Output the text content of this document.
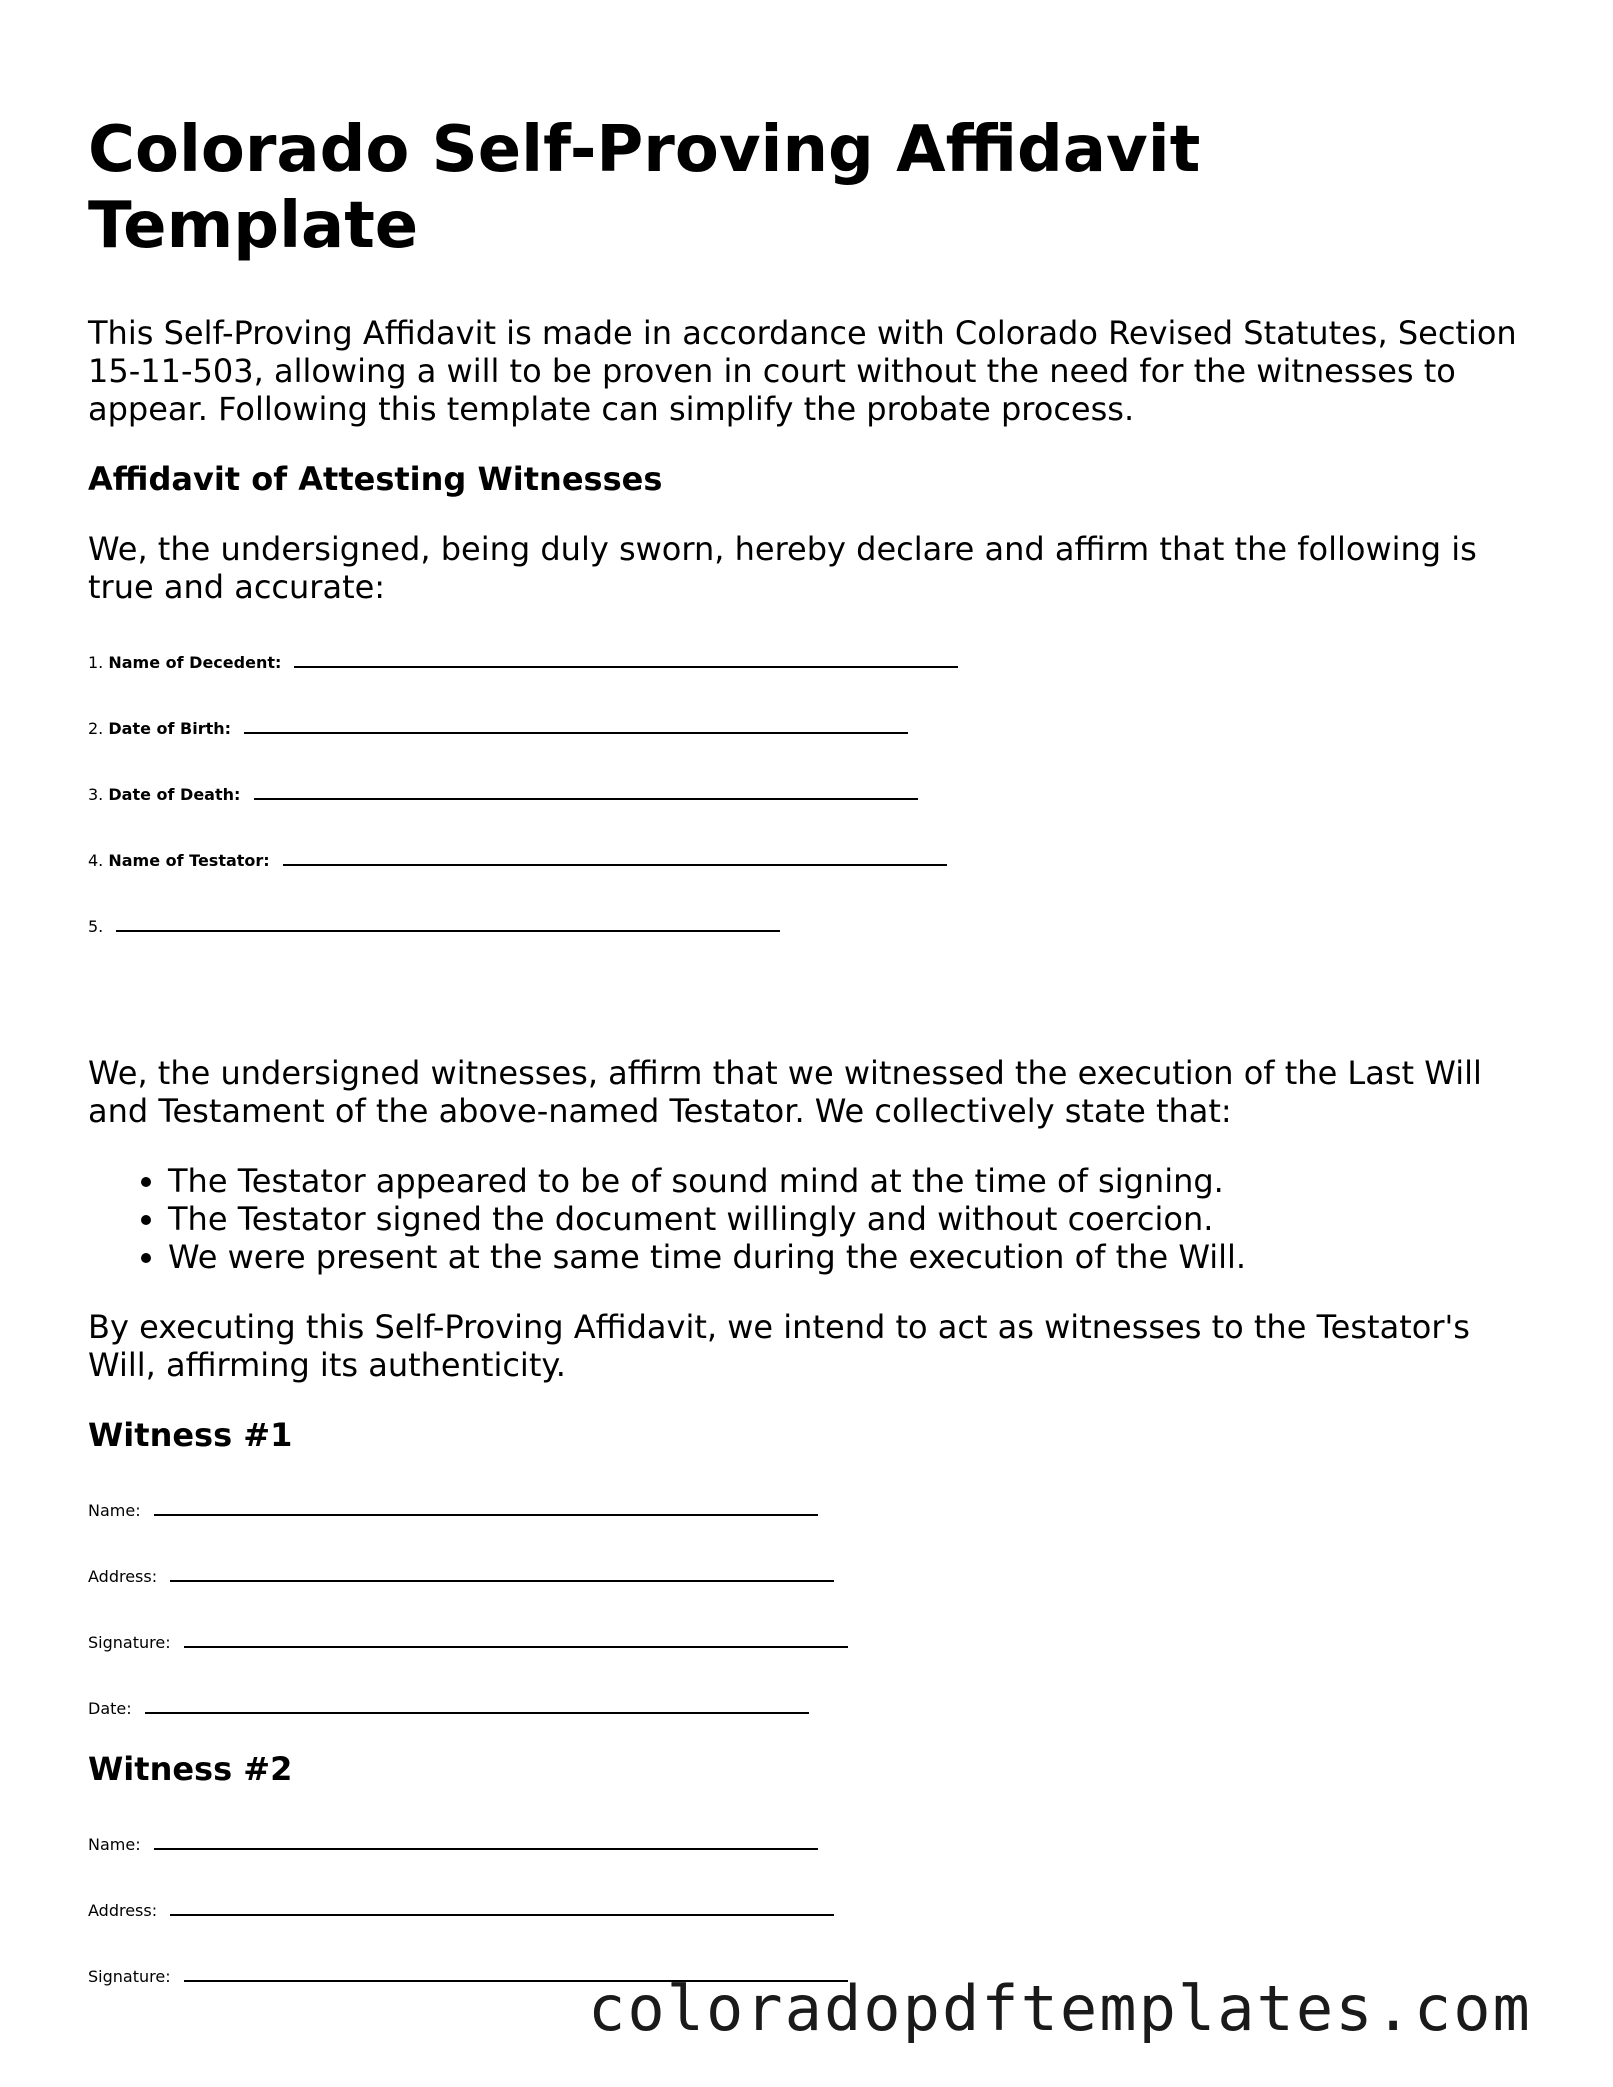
Colorado Self-Proving Affidavit Template

This Self-Proving Affidavit is made in accordance with Colorado Revised Statutes, Section 15-11-503, allowing a will to be proven in court without the need for the witnesses to appear. Following this template can simplify the probate process.

Affidavit of Attesting Witnesses

We, the undersigned, being duly sworn, hereby declare and affirm that the following is true and accurate:

1. Name of Decedent:
2. Date of Birth:
3. Date of Death:
4. Name of Testator:
5.

We, the undersigned witnesses, affirm that we witnessed the execution of the Last Will and Testament of the above-named Testator. We collectively state that:

• The Testator appeared to be of sound mind at the time of signing.
• The Testator signed the document willingly and without coercion.
• We were present at the same time during the execution of the Will.

By executing this Self-Proving Affidavit, we intend to act as witnesses to the Testator's Will, affirming its authenticity.

Witness #1

Name:
Address:
Signature:
Date:

Witness #2

Name:
Address:
Signature:	coloradopdftemplates.com
